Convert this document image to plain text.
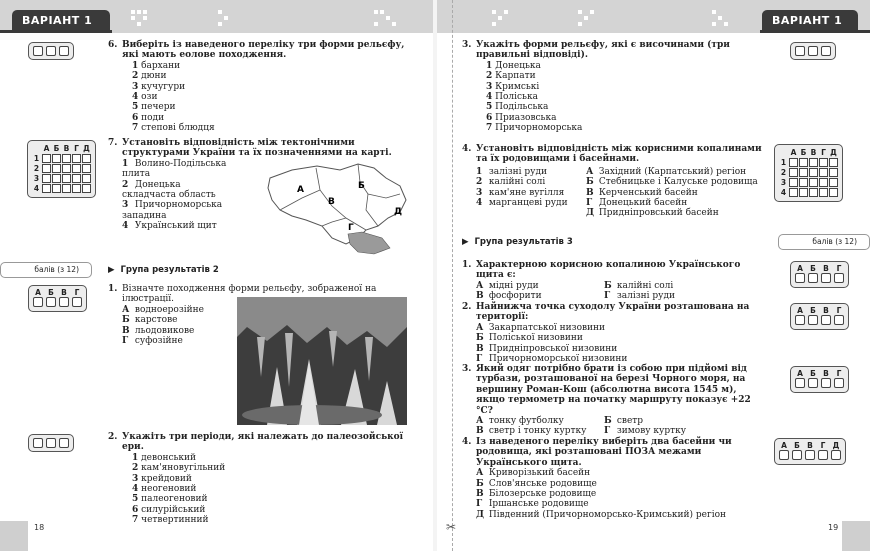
ВАРІАНТ 1	ВАРІАНТ 1
✂
6. Виберіть із наведеного переліку три форми рельєфу, які мають еолове походження.
1 бархани
2 дюни
3 кучугури
4 ози
5 печери
6 поди
7 степові блюдця
	А	Б	В	Г	Д
1					
2					
3					
4					
7. Установіть відповідність між тектонічними структурами України та їх позначеннями на карті.
1 Волино-Подільська плита
2 Донецька складчаста область
3 Причорноморська западина
4 Український щит
А
В
Б
Д
Г
балів (з 12)	▶  Група результатів 2
А Б В	Г	1. Візначте походження форми рельєфу, зображеної на ілюстрації.
А водноерозійне
Б карстове
В льодовикове
Г суфозійне
2. Укажіть три періоди, які належать до палеозойської ери.
1 девонський
2 кам'яновугільний
3 крейдовий
4 неогеновий
5 палеогеновий
6 силурійський
7 четвертинний
18
3. Укажіть форми рельєфу, які є височинами (три правильні відповіді).
1 Донецька
2 Карпати
3 Кримські
4 Поліська
5 Подільська
6 Приазовська
7 Причорноморська
4. Установіть відповідність між корисними копалинами та їх родовищами і басейнами.
1 залізні руди
2 калійні солі
3 кам'яне вугілля
4 марганцеві руди
А Західний (Карпатський) регіон
Б Стебницьке і Калуське родовища
В Керченський басейн
Г Донецький басейн
Д Придніпровський басейн
	А	Б	В	Г	Д
1					
2					
3					
4					
▶  Група результатів 3	балів (з 12)
1. Характерною корисною копалиною Українського щита є:
А мідні руди
В фосфорити
Б калійні солі
Г залізні руди
А Б В	Г
2. Найнижча точка суходолу України розташована на території:
А Закарпатської низовини
Б Поліської низовини
В Придніпровської низовини
Г Причорноморської низовини
А Б В	Г
3. Який одяг потрібно брати із собою при підйомі від турбази, розташованої на березі Чорного моря, на вершину Роман-Кош (абсолютна висота 1545 м), якщо термометр на початку маршруту показує +22 °С?
А тонку футболку
В светр і тонку куртку
Б светр
Г зимову куртку
А Б В	Г
4. Із наведеного переліку виберіть два басейни чи родовища, які розташовані ПОЗА межами Українського щита.
А Криворізький басейн
Б Слов'янське родовище
В Білозерське родовище
Г Іршанське родовище
Д Південний (Причорноморсько-Кримський) регіон
А Б В	Г Д
19
